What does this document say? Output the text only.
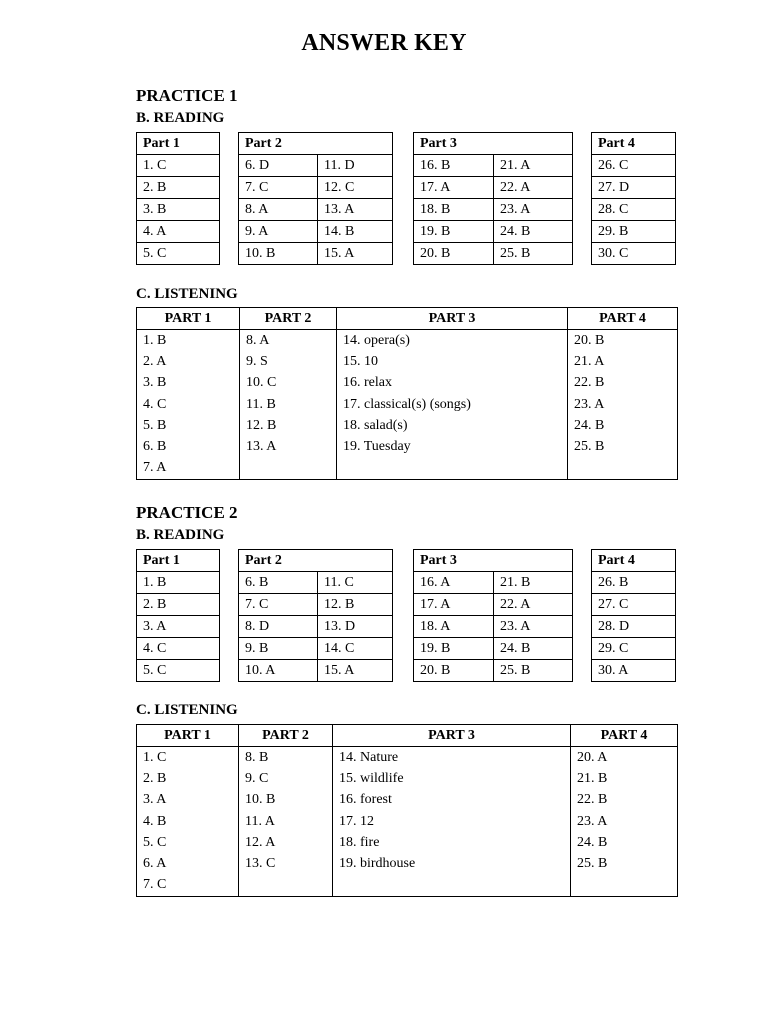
ANSWER KEY
PRACTICE 1
B. READING
Part 1
1. C
2. B
3. B
4. A
5. C
Part 2	
6. D	11. D
7. C	12. C
8. A	13. A
9. A	14. B
10. B	15. A
Part 3	
16. B	21. A
17. A	22. A
18. B	23. A
19. B	24. B
20. B	25. B
Part 4
26. C
27. D
28. C
29. B
30. C
C. LISTENING
PART 1	PART 2	PART 3	PART 4
1. B	8. A	14. opera(s)	20. B
2. A	9. S	15. 10	21. A
3. B	10. C	16. relax	22. B
4. C	11. B	17. classical(s) (songs)	23. A
5. B	12. B	18. salad(s)	24. B
6. B	13. A	19. Tuesday	25. B
7. A			
PRACTICE 2
B. READING
Part 1
1. B
2. B
3. A
4. C
5. C
Part 2	
6. B	11. C
7. C	12. B
8. D	13. D
9. B	14. C
10. A	15. A
Part 3	
16. A	21. B
17. A	22. A
18. A	23. A
19. B	24. B
20. B	25. B
Part 4
26. B
27. C
28. D
29. C
30. A
C. LISTENING
PART 1	PART 2	PART 3	PART 4
1. C	8. B	14. Nature	20. A
2. B	9. C	15. wildlife	21. B
3. A	10. B	16. forest	22. B
4. B	11. A	17. 12	23. A
5. C	12. A	18. fire	24. B
6. A	13. C	19. birdhouse	25. B
7. C			
